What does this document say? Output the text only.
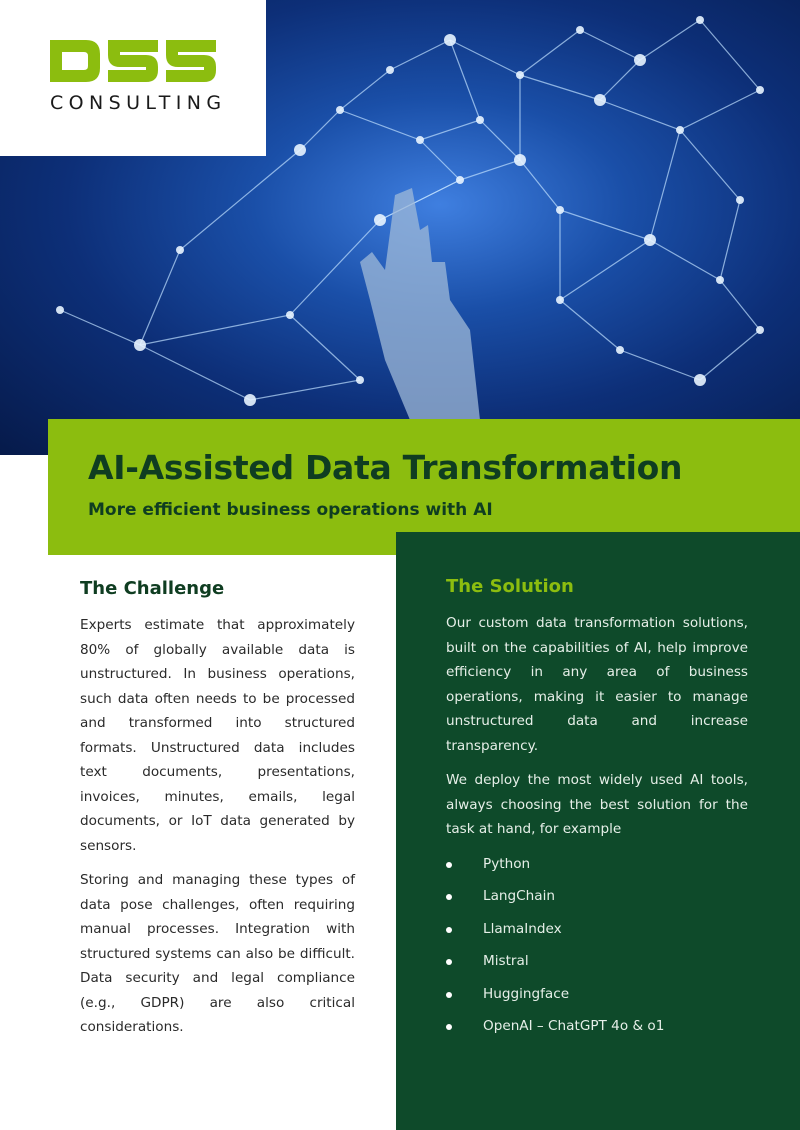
CONSULTING
AI-Assisted Data Transformation
More efficient business operations with AI
The Challenge

Experts estimate that approximately 80% of globally available data is unstructured. In business operations, such data often needs to be processed and transformed into structured formats. Unstructured data includes text documents, presentations, invoices, minutes, emails, legal documents, or IoT data generated by sensors.

Storing and managing these types of data pose challenges, often requiring manual processes. Integration with structured systems can also be difficult. Data security and legal compliance (e.g., GDPR) are also critical considerations.

The Solution

Our custom data transformation solutions, built on the capabilities of AI, help improve efficiency in any area of business operations, making it easier to manage unstructured data and increase transparency.

We deploy the most widely used AI tools, always choosing the best solution for the task at hand, for example

Python
LangChain
LlamaIndex
Mistral
Huggingface
OpenAI – ChatGPT 4o & o1
